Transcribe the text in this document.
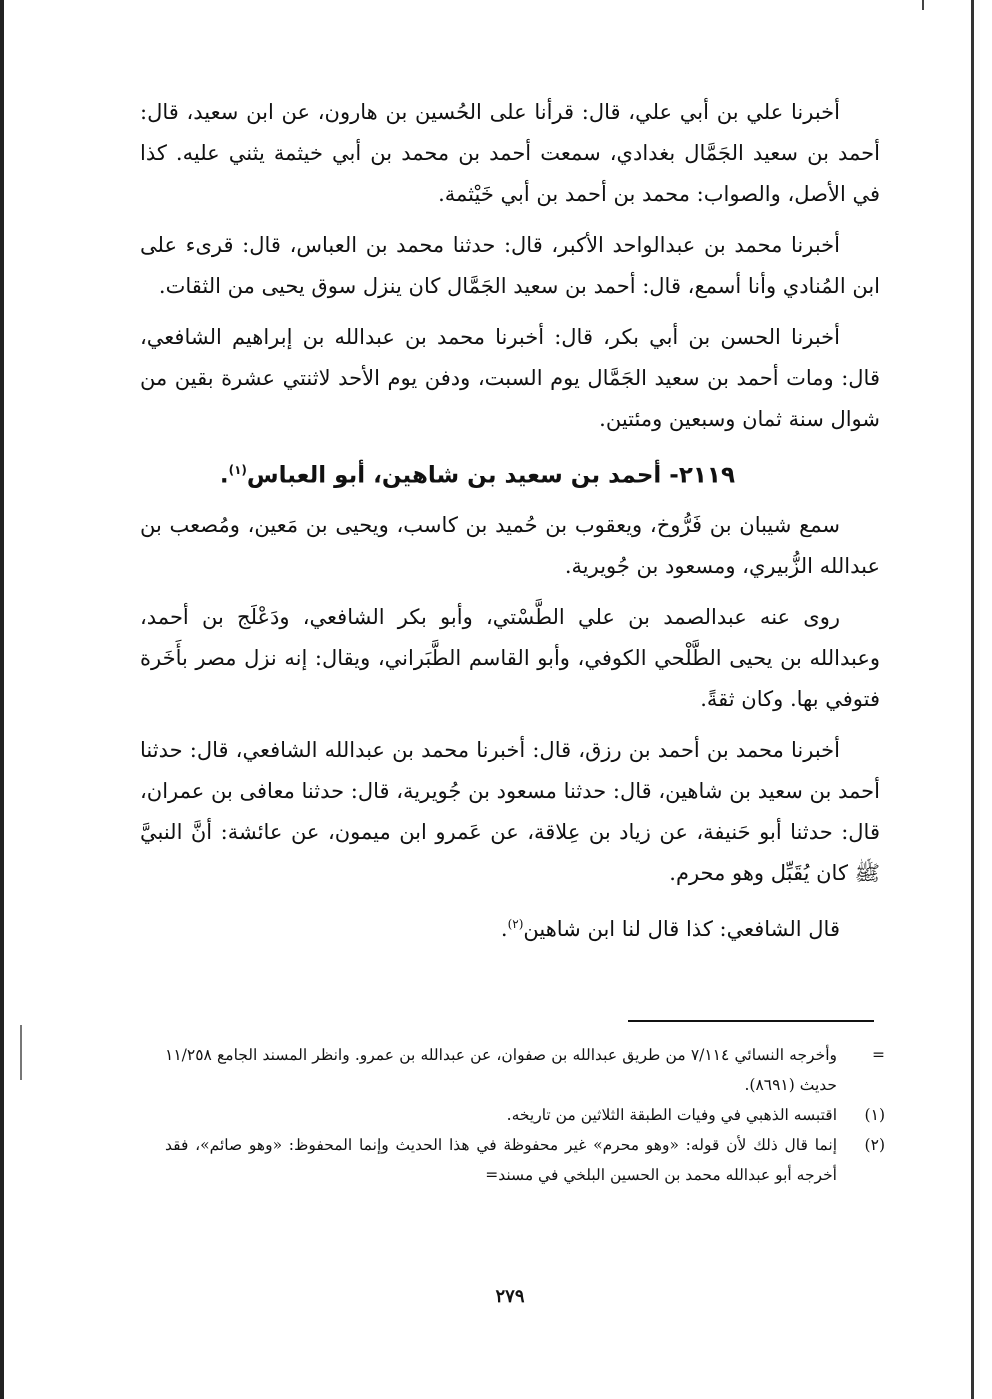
أخبرنا علي بن أبي علي، قال: قرأنا على الحُسين بن هارون، عن ابن سعيد، قال: أحمد بن سعيد الجَمَّال بغدادي، سمعت أحمد بن محمد بن أبي خيثمة يثني عليه. كذا في الأصل، والصواب: محمد بن أحمد بن أبي خَيْثمة.

أخبرنا محمد بن عبدالواحد الأكبر، قال: حدثنا محمد بن العباس، قال: قرىء على ابن المُنادي وأنا أسمع، قال: أحمد بن سعيد الجَمَّال كان ينزل سوق يحيى من الثقات.

أخبرنا الحسن بن أبي بكر، قال: أخبرنا محمد بن عبدالله بن إبراهيم الشافعي، قال: ومات أحمد بن سعيد الجَمَّال يوم السبت، ودفن يوم الأحد لاثنتي عشرة بقين من شوال سنة ثمان وسبعين ومئتين.

٢١١٩- أحمد بن سعيد بن شاهين، أبو العباس$^{(١)}$.

سمع شيبان بن فَرُّوخ، ويعقوب بن حُميد بن كاسب، ويحيى بن مَعين، ومُصعب بن عبدالله الزُّبيري، ومسعود بن جُويرية.

روى عنه عبدالصمد بن علي الطَّسْتي، وأبو بكر الشافعي، ودَعْلَج بن أحمد، وعبدالله بن يحيى الطَّلْحي الكوفي، وأبو القاسم الطَّبَراني، ويقال: إنه نزل مصر بأَخَرة فتوفي بها. وكان ثقةً.

أخبرنا محمد بن أحمد بن رزق، قال: أخبرنا محمد بن عبدالله الشافعي، قال: حدثنا أحمد بن سعيد بن شاهين، قال: حدثنا مسعود بن جُويرية، قال: حدثنا معافى بن عمران، قال: حدثنا أبو حَنيفة، عن زياد بن عِلاقة، عن عَمرو ابن ميمون، عن عائشة: أنَّ النبيَّ ﷺ كان يُقَبِّل وهو محرم.

قال الشافعي: كذا قال لنا ابن شاهين$^{(٢)}$.

=
وأخرجه النسائي ٧/١١٤ من طريق عبدالله بن صفوان، عن عبدالله بن عمرو. وانظر المسند الجامع ١١/٢٥٨ حديث (٨٦٩١).
(١)
اقتبسه الذهبي في وفيات الطبقة الثلاثين من تاريخه.
(٢)
إنما قال ذلك لأن قوله: «وهو محرم» غير محفوظة في هذا الحديث وإنما المحفوظ: «وهو صائم»، فقد أخرجه أبو عبدالله محمد بن الحسين البلخي في مسند=
٢٧٩
